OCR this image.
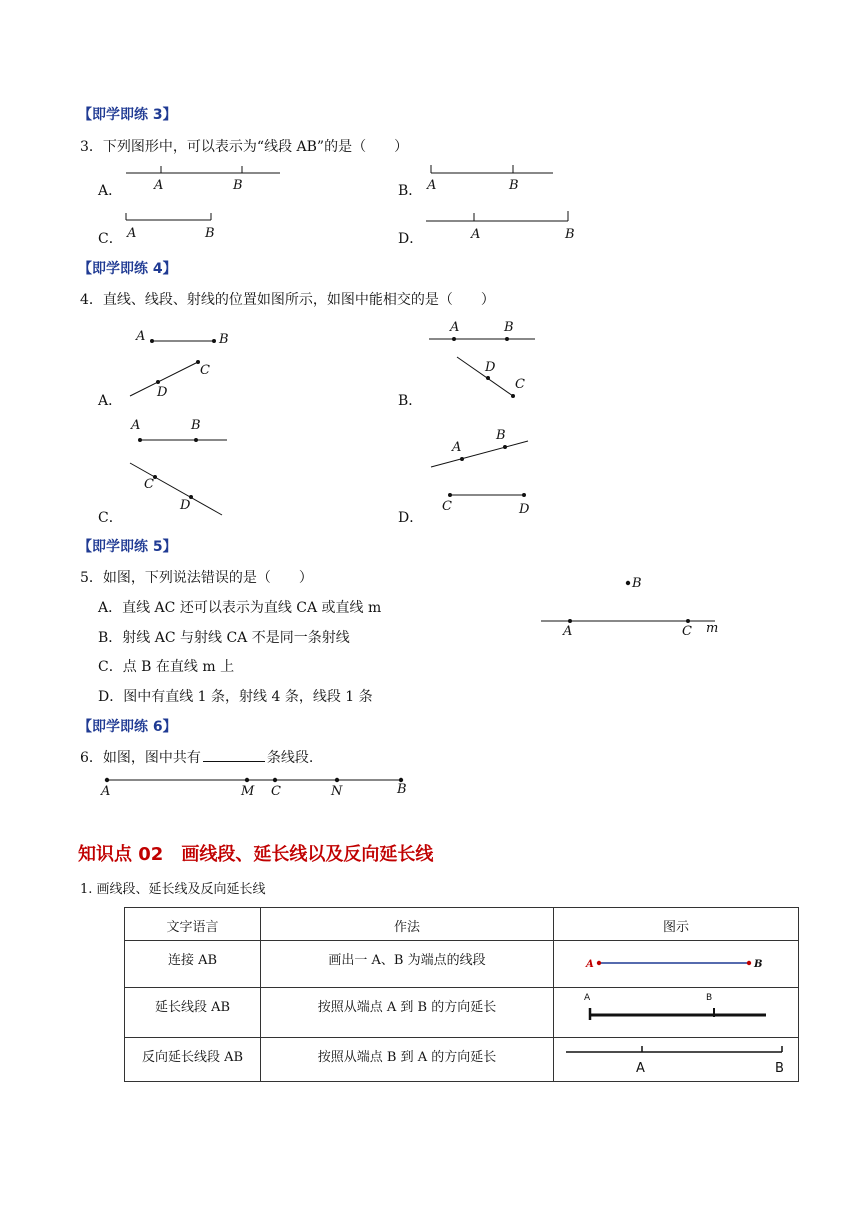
【即学即练 3】
3．下列图形中，可以表示为“线段 AB”的是（　　）
A． A	B	B． A	B
C． A	B	D．	A	B
【即学即练 4】
4．直线、线段、射线的位置如图所示，如图中能相交的是（　　）
A．
A	B
C
D
B．
A	B
D
C
C．
A	B
C
D
D．
A
B
C	D
【即学即练 5】
5．如图，下列说法错误的是（　　）
A．直线 AC 还可以表示为直线 CA 或直线 m
B．射线 AC 与射线 CA 不是同一条射线
C．点 B 在直线 m 上
D．图中有直线 1 条，射线 4 条，线段 1 条
B
A	C m
【即学即练 6】
6．如图，图中共有	条线段.
A	M C	N	B
知识点 02　画线段、延长线以及反向延长线
1. 画线段、延长线及反向延长线
文字语言	作法	图示
连接 AB	画出一 A、B 为端点的线段	A B

延长线段 AB	按照从端点 A 到 B 的方向延长	A B

反向延长线段 AB	按照从端点 B 到 A 的方向延长	A B
